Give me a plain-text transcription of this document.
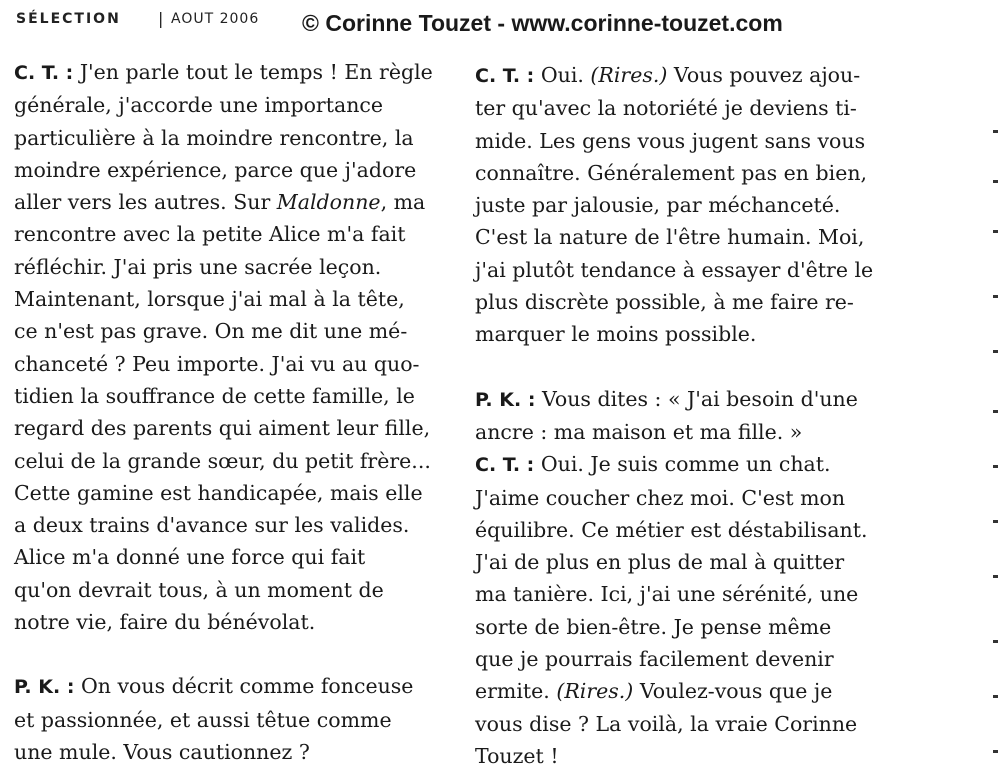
SÉLECTION | AOUT 2006 © Corinne Touzet - www.corinne-touzet.com
C. T. : J'en parle tout le temps ! En règle
générale, j'accorde une importance
particulière à la moindre rencontre, la
moindre expérience, parce que j'adore
aller vers les autres. Sur Maldonne, ma
rencontre avec la petite Alice m'a fait
réfléchir. J'ai pris une sacrée leçon.
Maintenant, lorsque j'ai mal à la tête,
ce n'est pas grave. On me dit une mé-
chanceté ? Peu importe. J'ai vu au quo-
tidien la souffrance de cette famille, le
regard des parents qui aiment leur fille,
celui de la grande sœur, du petit frère...
Cette gamine est handicapée, mais elle
a deux trains d'avance sur les valides.
Alice m'a donné une force qui fait
qu'on devrait tous, à un moment de
notre vie, faire du bénévolat.
P. K. : On vous décrit comme fonceuse
et passionnée, et aussi têtue comme
une mule. Vous cautionnez ?
C. T. : Oui. (Rires.) Vous pouvez ajou-
ter qu'avec la notoriété je deviens ti-
mide. Les gens vous jugent sans vous
connaître. Généralement pas en bien,
juste par jalousie, par méchanceté.
C'est la nature de l'être humain. Moi,
j'ai plutôt tendance à essayer d'être le
plus discrète possible, à me faire re-
marquer le moins possible.
P. K. : Vous dites : « J'ai besoin d'une
ancre : ma maison et ma fille. »
C. T. : Oui. Je suis comme un chat.
J'aime coucher chez moi. C'est mon
équilibre. Ce métier est déstabilisant.
J'ai de plus en plus de mal à quitter
ma tanière. Ici, j'ai une sérénité, une
sorte de bien-être. Je pense même
que je pourrais facilement devenir
ermite. (Rires.) Voulez-vous que je
vous dise ? La voilà, la vraie Corinne
Touzet !
